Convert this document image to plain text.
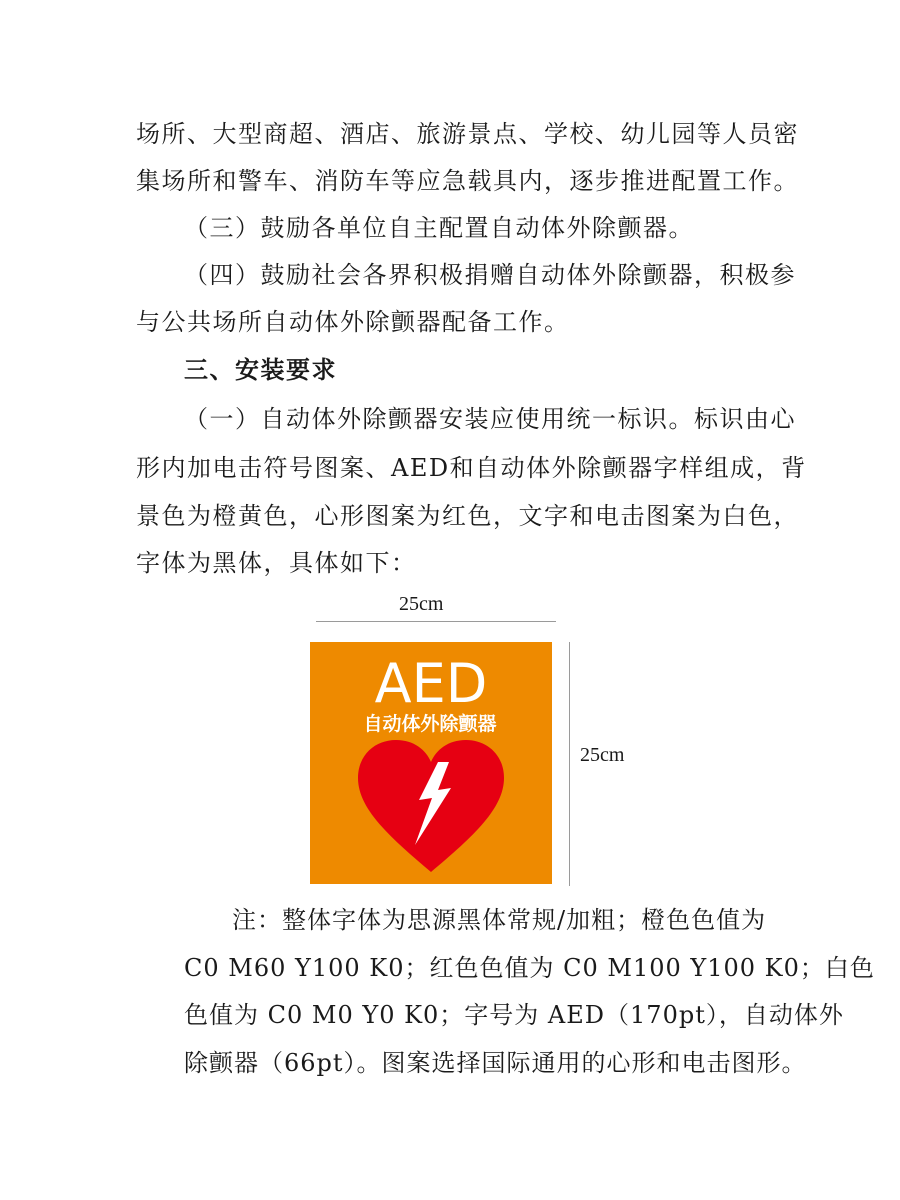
场所、大型商超、酒店、旅游景点、学校、幼儿园等人员密
集场所和警车、消防车等应急载具内，逐步推进配置工作。
（三）鼓励各单位自主配置自动体外除颤器。
（四）鼓励社会各界积极捐赠自动体外除颤器，积极参
与公共场所自动体外除颤器配备工作。
三、安装要求
（一）自动体外除颤器安装应使用统一标识。标识由心
形内加电击符号图案、AED和自动体外除颤器字样组成，背
景色为橙黄色，心形图案为红色，文字和电击图案为白色，
字体为黑体，具体如下：
25cm
25cm
AED
自动体外除颤器
注：整体字体为思源黑体常规/加粗；橙色色值为
C0 M60 Y100 K0；红色色值为 C0 M100 Y100 K0；白色
色值为 C0 M0 Y0 K0；字号为 AED（170pt），自动体外
除颤器（66pt）。图案选择国际通用的心形和电击图形。
